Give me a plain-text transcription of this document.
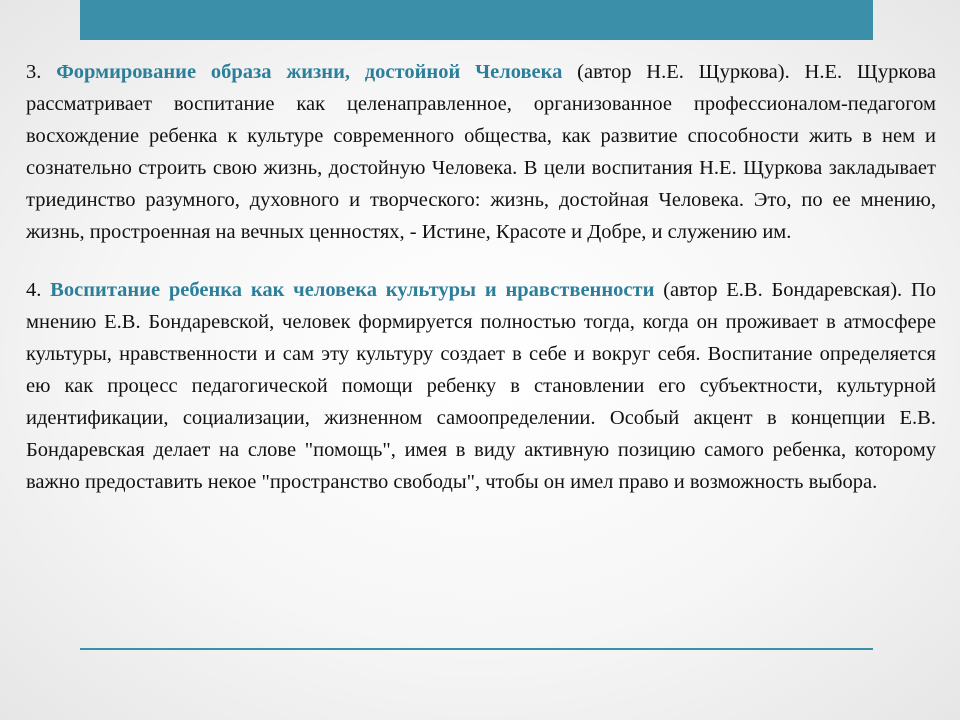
3. Формирование образа жизни, достойной Человека (автор Н.Е. Щуркова). Н.Е. Щуркова рассматривает воспитание как целенаправленное, организованное профессионалом-педагогом восхождение ребенка к культуре современного общества, как развитие способности жить в нем и сознательно строить свою жизнь, достойную Человека. В цели воспитания Н.Е. Щуркова закладывает триединство разумного, духовного и творческого: жизнь, достойная Человека. Это, по ее мнению, жизнь, простроенная на вечных ценностях, - Истине, Красоте и Добре, и служению им.

4. Воспитание ребенка как человека культуры и нравственности (автор Е.В. Бондаревская). По мнению Е.В. Бондаревской, человек формируется полностью тогда, когда он проживает в атмосфере культуры, нравственности и сам эту культуру создает в себе и вокруг себя. Воспитание определяется ею как процесс педагогической помощи ребенку в становлении его субъектности, культурной идентификации, социализации, жизненном самоопределении. Особый акцент в концепции Е.В. Бондаревская делает на слове "помощь", имея в виду активную позицию самого ребенка, которому важно предоставить некое "пространство свободы", чтобы он имел право и возможность выбора.
